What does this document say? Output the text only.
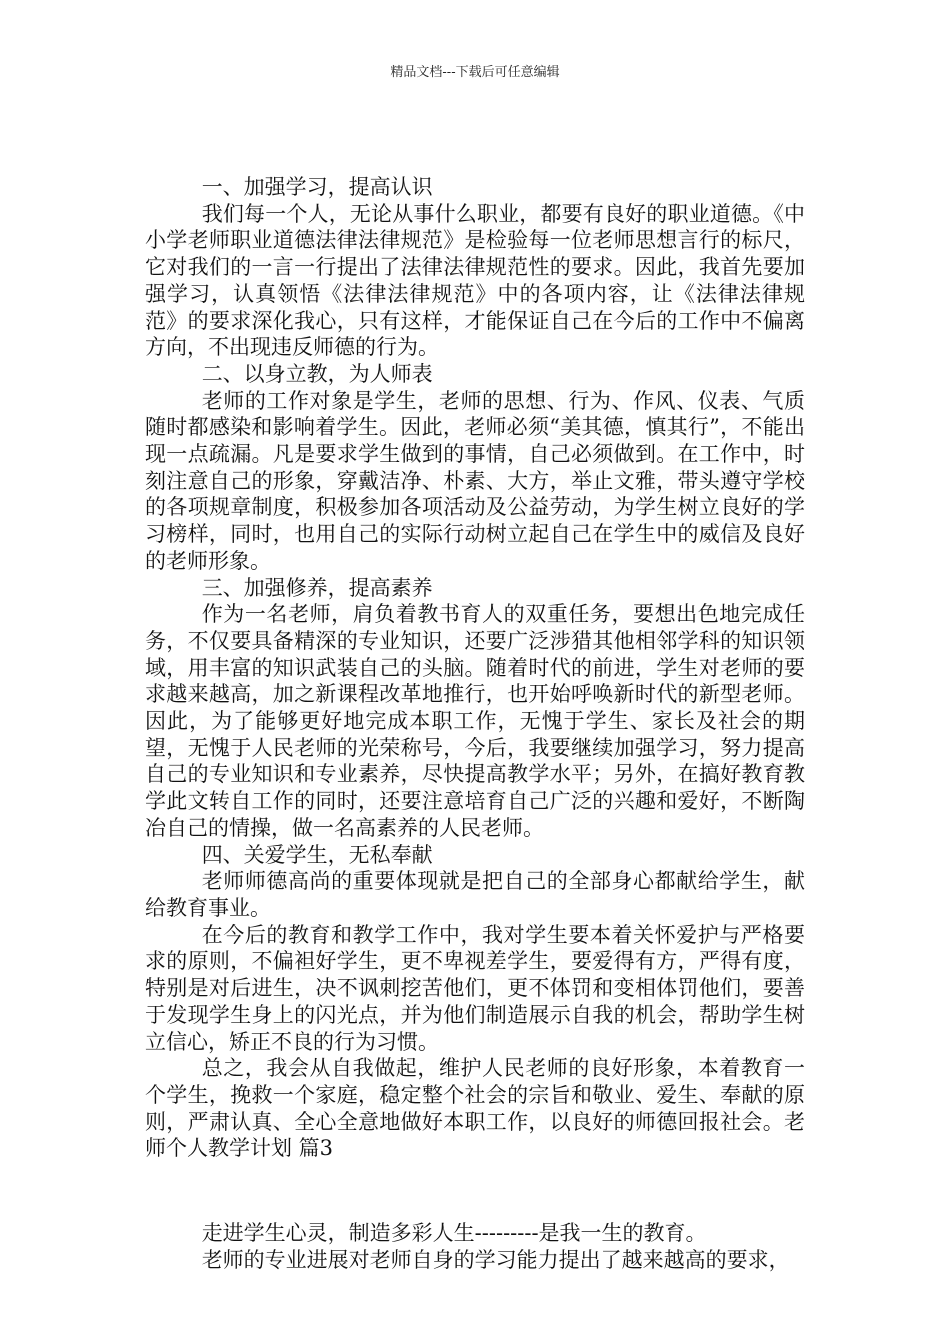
精品文档---下载后可任意编辑

一、加强学习，提高认识

我们每一个人，无论从事什么职业，都要有良好的职业道德。《中小学老师职业道德法律法律规范》是检验每一位老师思想言行的标尺，它对我们的一言一行提出了法律法律规范性的要求。因此，我首先要加强学习，认真领悟《法律法律规范》中的各项内容，让《法律法律规范》的要求深化我心，只有这样，才能保证自己在今后的工作中不偏离方向，不出现违反师德的行为。

二、以身立教，为人师表

老师的工作对象是学生，老师的思想、行为、作风、仪表、气质随时都感染和影响着学生。因此，老师必须“美其德，慎其行”，不能出现一点疏漏。凡是要求学生做到的事情，自己必须做到。在工作中，时刻注意自己的形象，穿戴洁净、朴素、大方，举止文雅，带头遵守学校的各项规章制度，积极参加各项活动及公益劳动，为学生树立良好的学习榜样，同时，也用自己的实际行动树立起自己在学生中的威信及良好的老师形象。

三、加强修养，提高素养

作为一名老师，肩负着教书育人的双重任务，要想出色地完成任务，不仅要具备精深的专业知识，还要广泛涉猎其他相邻学科的知识领域，用丰富的知识武装自己的头脑。随着时代的前进，学生对老师的要求越来越高，加之新课程改革地推行，也开始呼唤新时代的新型老师。因此，为了能够更好地完成本职工作，无愧于学生、家长及社会的期望，无愧于人民老师的光荣称号，今后，我要继续加强学习，努力提高自己的专业知识和专业素养，尽快提高教学水平；另外，在搞好教育教学此文转自工作的同时，还要注意培育自己广泛的兴趣和爱好，不断陶冶自己的情操，做一名高素养的人民老师。

四、关爱学生，无私奉献

老师师德高尚的重要体现就是把自己的全部身心都献给学生，献给教育事业。

在今后的教育和教学工作中，我对学生要本着关怀爱护与严格要求的原则，不偏袒好学生，更不卑视差学生，要爱得有方，严得有度，特别是对后进生，决不讽刺挖苦他们，更不体罚和变相体罚他们，要善于发现学生身上的闪光点，并为他们制造展示自我的机会，帮助学生树立信心，矫正不良的行为习惯。

总之，我会从自我做起，维护人民老师的良好形象，本着教育一个学生，挽救一个家庭，稳定整个社会的宗旨和敬业、爱生、奉献的原则，严肃认真、全心全意地做好本职工作，以良好的师德回报社会。老师个人教学计划 篇3

走进学生心灵，制造多彩人生---------是我一生的教育。

老师的专业进展对老师自身的学习能力提出了越来越高的要求，
